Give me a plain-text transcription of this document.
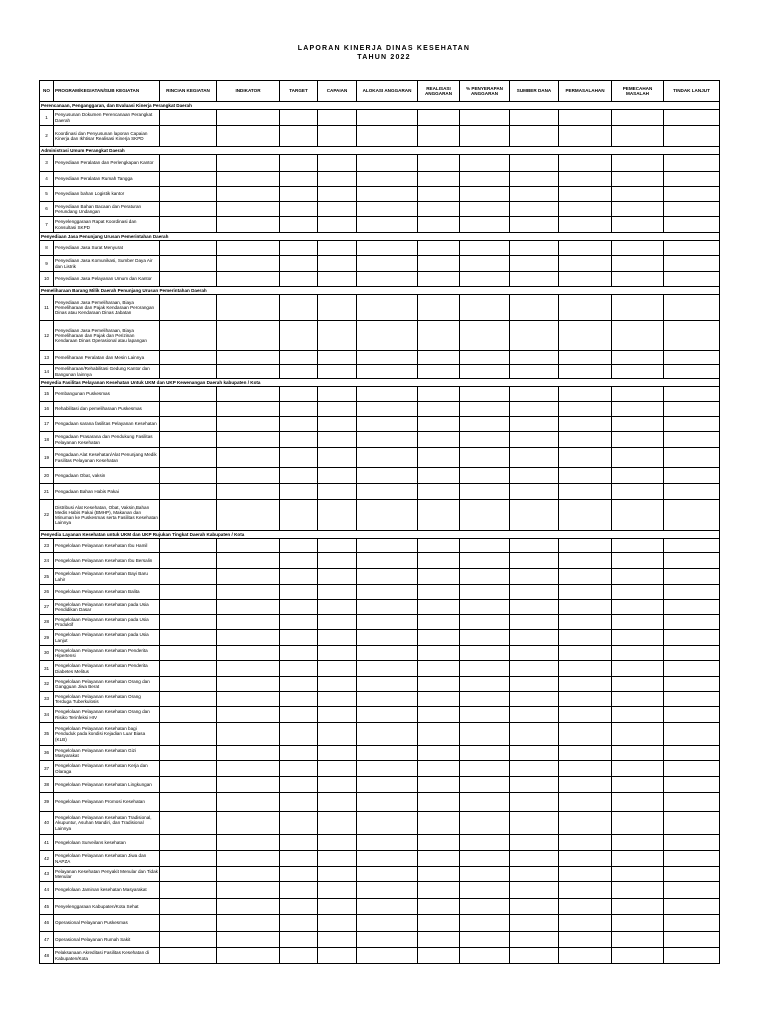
LAPORAN KINERJA DINAS KESEHATAN
TAHUN 2022
NO	PROGRAM/KEGIATAN/SUB KEGIATAN	RINCIAN KEGIATAN	INDIKATOR	TARGET	CAPAIAN	ALOKASI ANGGARAN	REALISASI ANGGARAN	% PENYERAPAN ANGGARAN	SUMBER DANA	PERMASALAHAN	PEMECAHAN MASALAH	TINDAK LANJUT
Perencanaan, Penganggaran, dan Evaluasi Kinerja Perangkat Daerah												
1	Penyusunan Dokumen Perencanaan Perangkat Daerah											
2	Koordinasi dan Penyusunan laporan Capaian Kinerja dan Ikhtisar Realisasi Kinerja SKPD											
Administrasi Umum Perangkat Daerah												
3	Penyediaan Peralatan dan Perlengkapan Kantor											
4	Penyediaan Peralatan Rumah Tangga											
5	Penyediaan bahan Logistik kantor											
6	Penyediaan Bahan Bacaan dan Peraturan Perundang Undangan											
7	Penyelenggaraan Rapat Koordinasi dan Konsultasi SKPD											
Penyediaan Jasa Penunjang Urusan Pemerintahan Daerah												
8	Penyediaan Jasa Surat Menyurat											
9	Penyediaan Jasa Komunikasi, Sumber Daya Air dan Listrik											
10	Penyediaan Jasa Pelayanan Umum dan Kantor											
Pemeliharaan Barang Milik Daerah Penunjang Urusan Pemerintahan Daerah												
11	Penyediaan Jasa Pemeliharaan, Biaya Pemeliharaan dan Pajak Kendaraan Perorangan Dinas atau Kendaraan Dinas Jabatan											
12	Penyediaan Jasa Pemeliharaan, Biaya Pemeliharaan dan Pajak dan Perizinan Kendaraan Dinas Operasional atau lapangan											
13	Pemeliharaan Peralatan dan Mesin Lainnya											
14	Pemeliharaan/Rehabilitasi Gedung Kantor dan Bangunan lainnya											
Penyedia Fasilitas Pelayanan Kesehatan Untuk UKM dan UKP Kewenangan Daerah kabupaten / Kota												
15	Pembangunan Puskesmas											
16	Rehabilitasi dan pemeliharaan Puskesmas											
17	Pengadaan sarana fasilitas Pelayanan Kesehatan											
18	Pengadaan Prasarana dan Pendukung Fasilitas Pelayanan Kesehatan											
19	Pengadaan Alat Kesehatan/Alat Penunjang Medik Fasilitas Pelayanan Kesehatan											
20	Pengadaan Obat, vaksin											
21	Pengadaan Bahan Habis Pakai											
22	Distribusi Alat Kesehatan, Obat, Vaksin,Bahan Medis Habis Pakai (BMHP), Makanan dan Minuman ke Puskesmas serta Fasilitas Kesehatan Lainnya											
Penyedia Layanan Kesehatan untuk UKM dan UKP Rujukan Tingkat Daerah Kabupaten / Kota												
23	Pengelolaan Pelayanan Kesehatan Ibu Hamil											
24	Pengelolaan Pelayanan Kesehatan Ibu Bersalin											
25	Pengelolaan Pelayanan Kesehatan Bayi Baru Lahir											
26	Pengelolaan Pelayanan Kesehatan Balita											
27	Pengelolaan Pelayanan Kesehatan pada Usia Pendidikan Dasar											
28	Pengelolaan Pelayanan Kesehatan pada Usia Produktif											
29	Pengelolaan Pelayanan Kesehatan pada Usia Lanjut											
30	Pengelolaan Pelayanan Kesehatan Penderita Hipertensi											
31	Pengelolaan Pelayanan Kesehatan Penderita Diabetes Melitus											
32	Pengelolaan Pelayanan Kesehatan Orang dan Gangguan Jiwa Berat											
33	Pengelolaan Pelayanan Kesehatan Orang Terduga Tuberkulosis											
34	Pengelolaan Pelayanan Kesehatan Orang dan Risiko Terinfeksi HIV											
35	Pengelolaan Pelayanan Kesehatan bagi Penduduk pada kondisi Kejadian Luar Biasa (KLB)											
36	Pengelolaan Pelayanan Kesehatan Gizi Masyarakat											
37	Pengelolaan Pelayanan Kesehatan Kerja dan Olaraga											
38	Pengelolaan Pelayanan Kesehatan Lingkungan											
39	Pengelolaan Pelayanan Promosi Kesehatan											
40	Pengelolaan Pelayanan Kesehatan Tradisional, Akupuntur, Asuhan Mandiri, dan Tradisional Lainnya											
41	Pengelolaan Surveilans kesehatan											
42	Pengelolaan Pelayanan Kesehatan Jiwa dan NAPZA											
43	Pelayanan Kesehatan Penyakit Menular dan Tidak Menular											
44	Pengelolaan Jaminan kesehatan Masyarakat											
45	Penyelenggaraan Kabupaten/Kota Sehat											
46	Operasional Pelayanan Puskesmas											
47	Operasional Pelayanan Rumah Sakit											
48	Pelaksanaan Akreditasi Fasilitas Kesehatan di Kabupaten/Kota											
